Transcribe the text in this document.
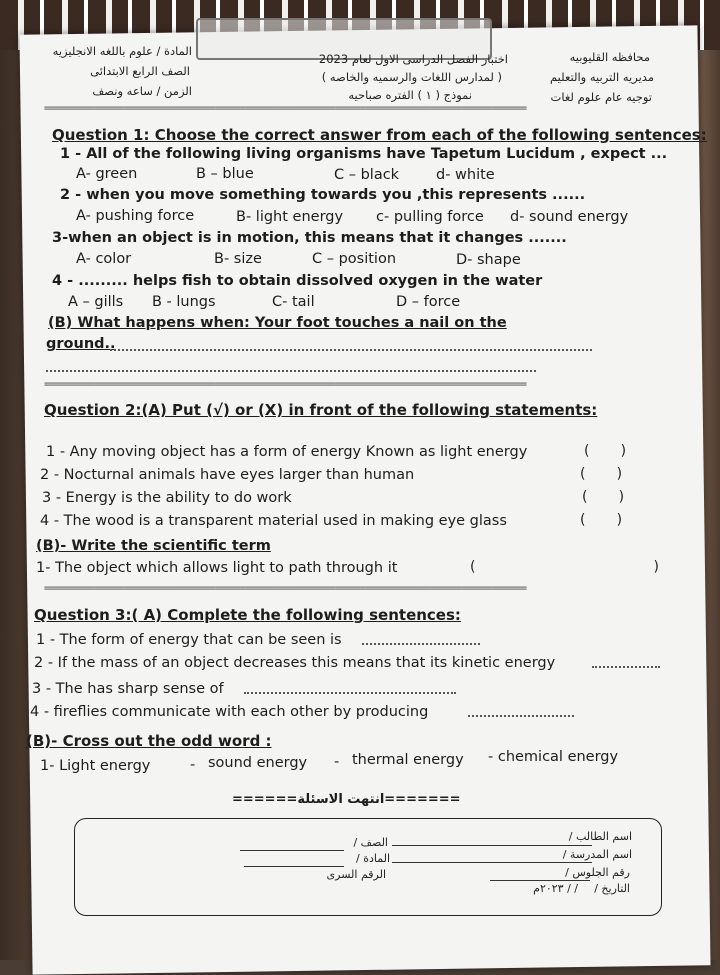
محافظه القليوبيه
مديريه التربيه والتعليم
توجيه عام علوم لغات
اختبار الفصل الدراسى الاول لعام 2023
( لمدارس اللغات والرسميه والخاصه )
نموذج ( ١ ) الفتره صباحيه
المادة / علوم باللغه الانجليزيه
الصف الرابع الابتدائى
الزمن / ساعه ونصف
================================================================================================
Question 1: Choose the correct answer from each of the following sentences:
1 - All of the following living organisms have Tapetum Lucidum , expect ...
A- green	B – blue	C – black	d- white
2 - when you move something towards you ,this represents ......
A- pushing force	B- light energy c- pulling force d- sound energy
3-when an object is in motion, this means that it changes .......
A- color	B- size	C – position	D- shape
4 - ......... helps fish to obtain dissolved oxygen in the water
A – gills B - lungs	C- tail	D – force
(B) What happens when: Your foot touches a nail on the
ground..
================================================================================================
Question 2:(A) Put (√) or (X) in front of the following statements:
1 - Any moving object has a form of energy Known as light energy	(       )
2 - Nocturnal animals have eyes larger than human	(       )
3 - Energy is the ability to do work	(       )
4 - The wood is a transparent material used in making eye glass	(       )
(B)- Write the scientific term
1- The object which allows light to path through it	(                                        )
================================================================================================
Question 3:( A) Complete the following sentences:
1 - The form of energy that can be seen is
2 - If the mass of an object decreases this means that its kinetic energy
3 - The has sharp sense of
4 - fireflies communicate with each other by producing
(B)- Cross out the odd word :
1- Light energy	- sound energy - thermal energy - chemical energy
=======انتهت الاسئلة======
اسم الطالب /
اسم المدرسة /
رقم الجلوس /
التاريخ /
/ / ٢٠٢٣م
الصف /
المادة /
الرقم السرى
